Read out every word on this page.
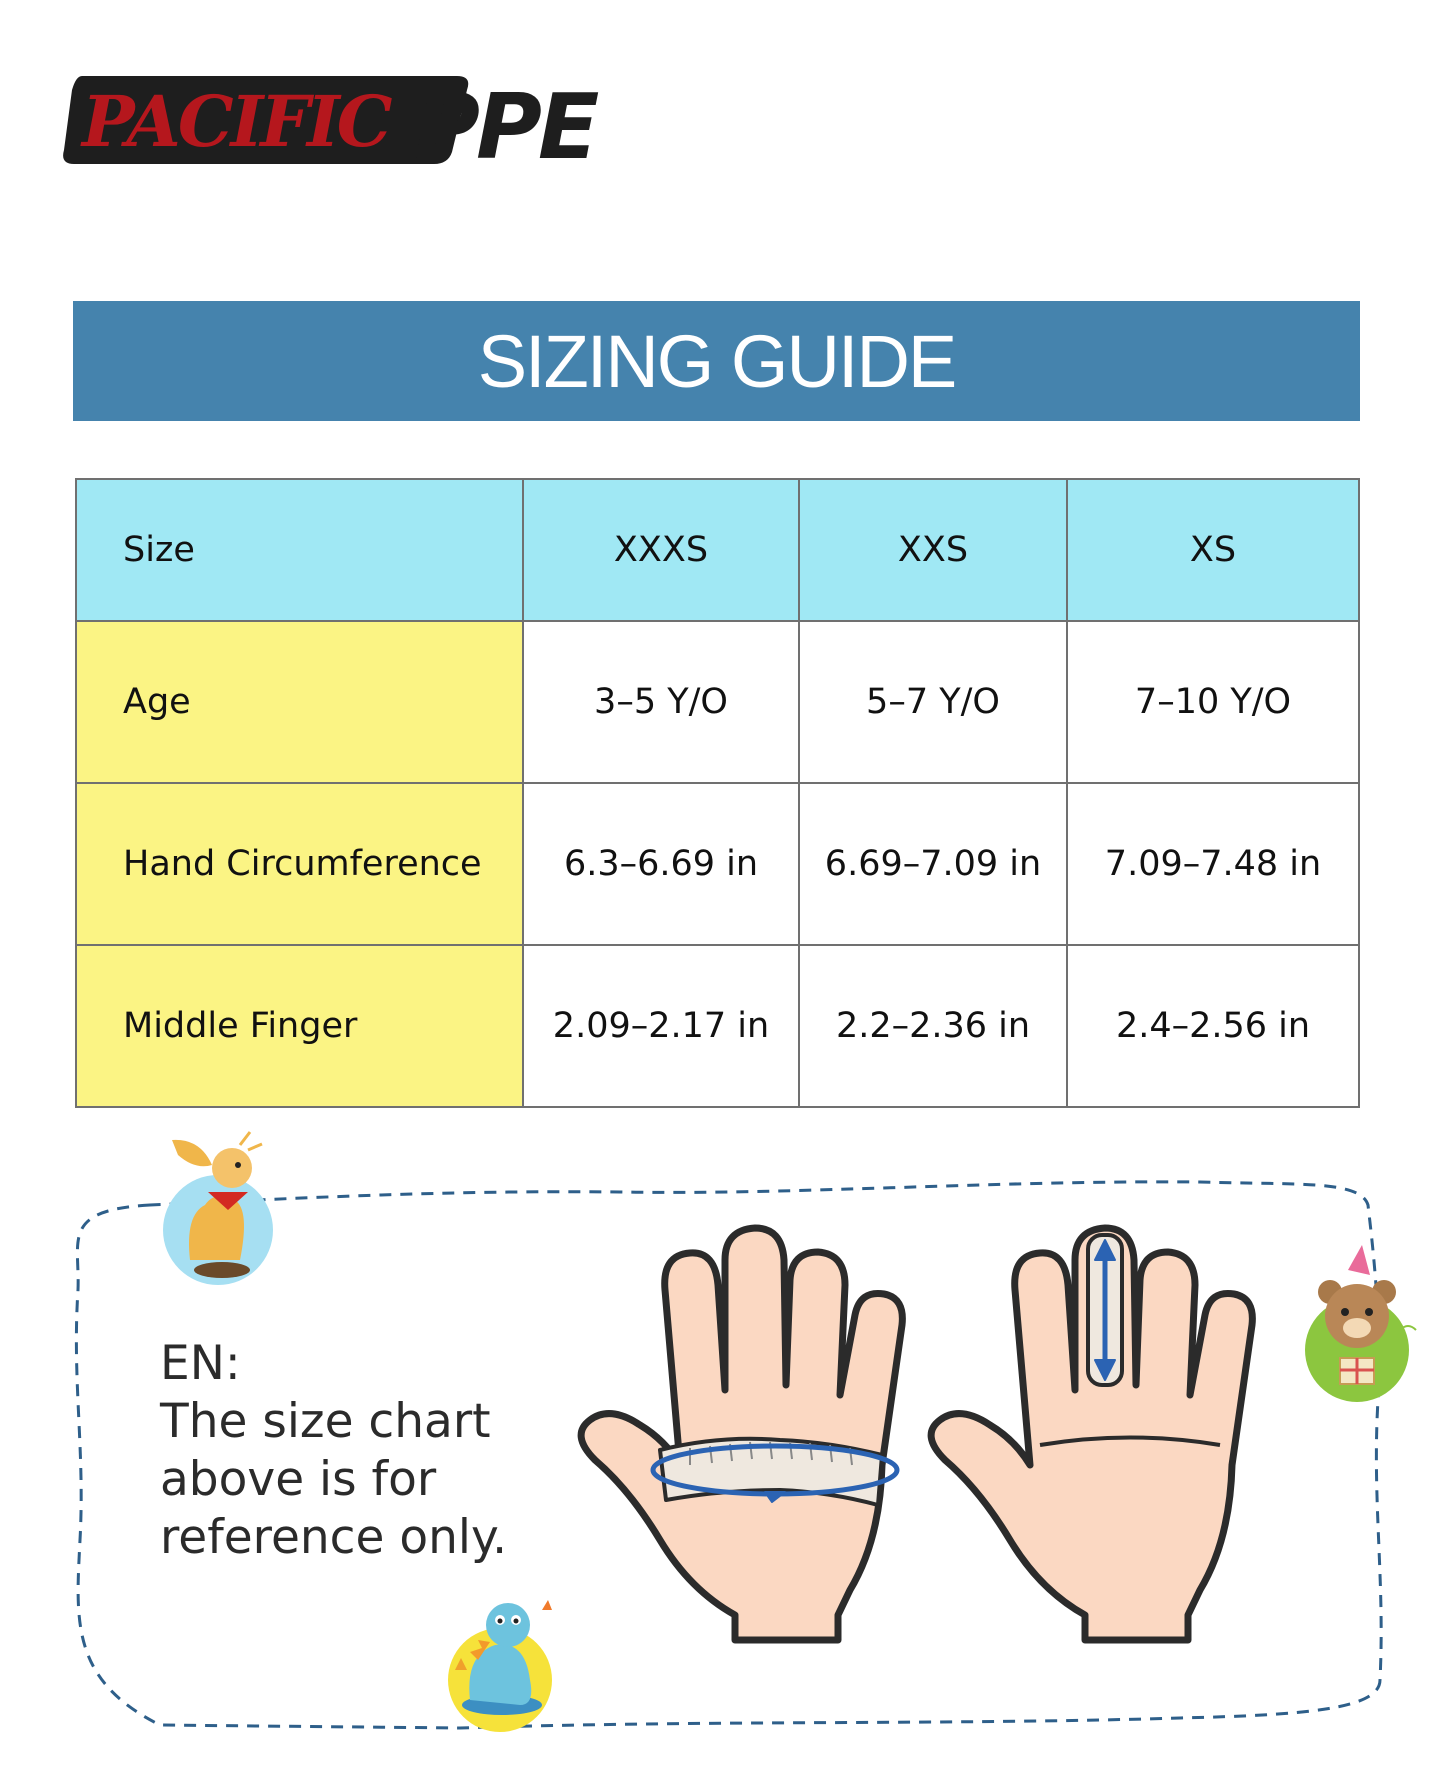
PACIFIC PPE
SIZING GUIDE
Size	XXXS	XXS	XS
Age	3–5 Y/O	5–7 Y/O	7–10 Y/O
Hand Circumference	6.3–6.69 in	6.69–7.09 in	7.09–7.48 in
Middle Finger	2.09–2.17 in	2.2–2.36 in	2.4–2.56 in
EN:
The size chart
above is for
reference only.
